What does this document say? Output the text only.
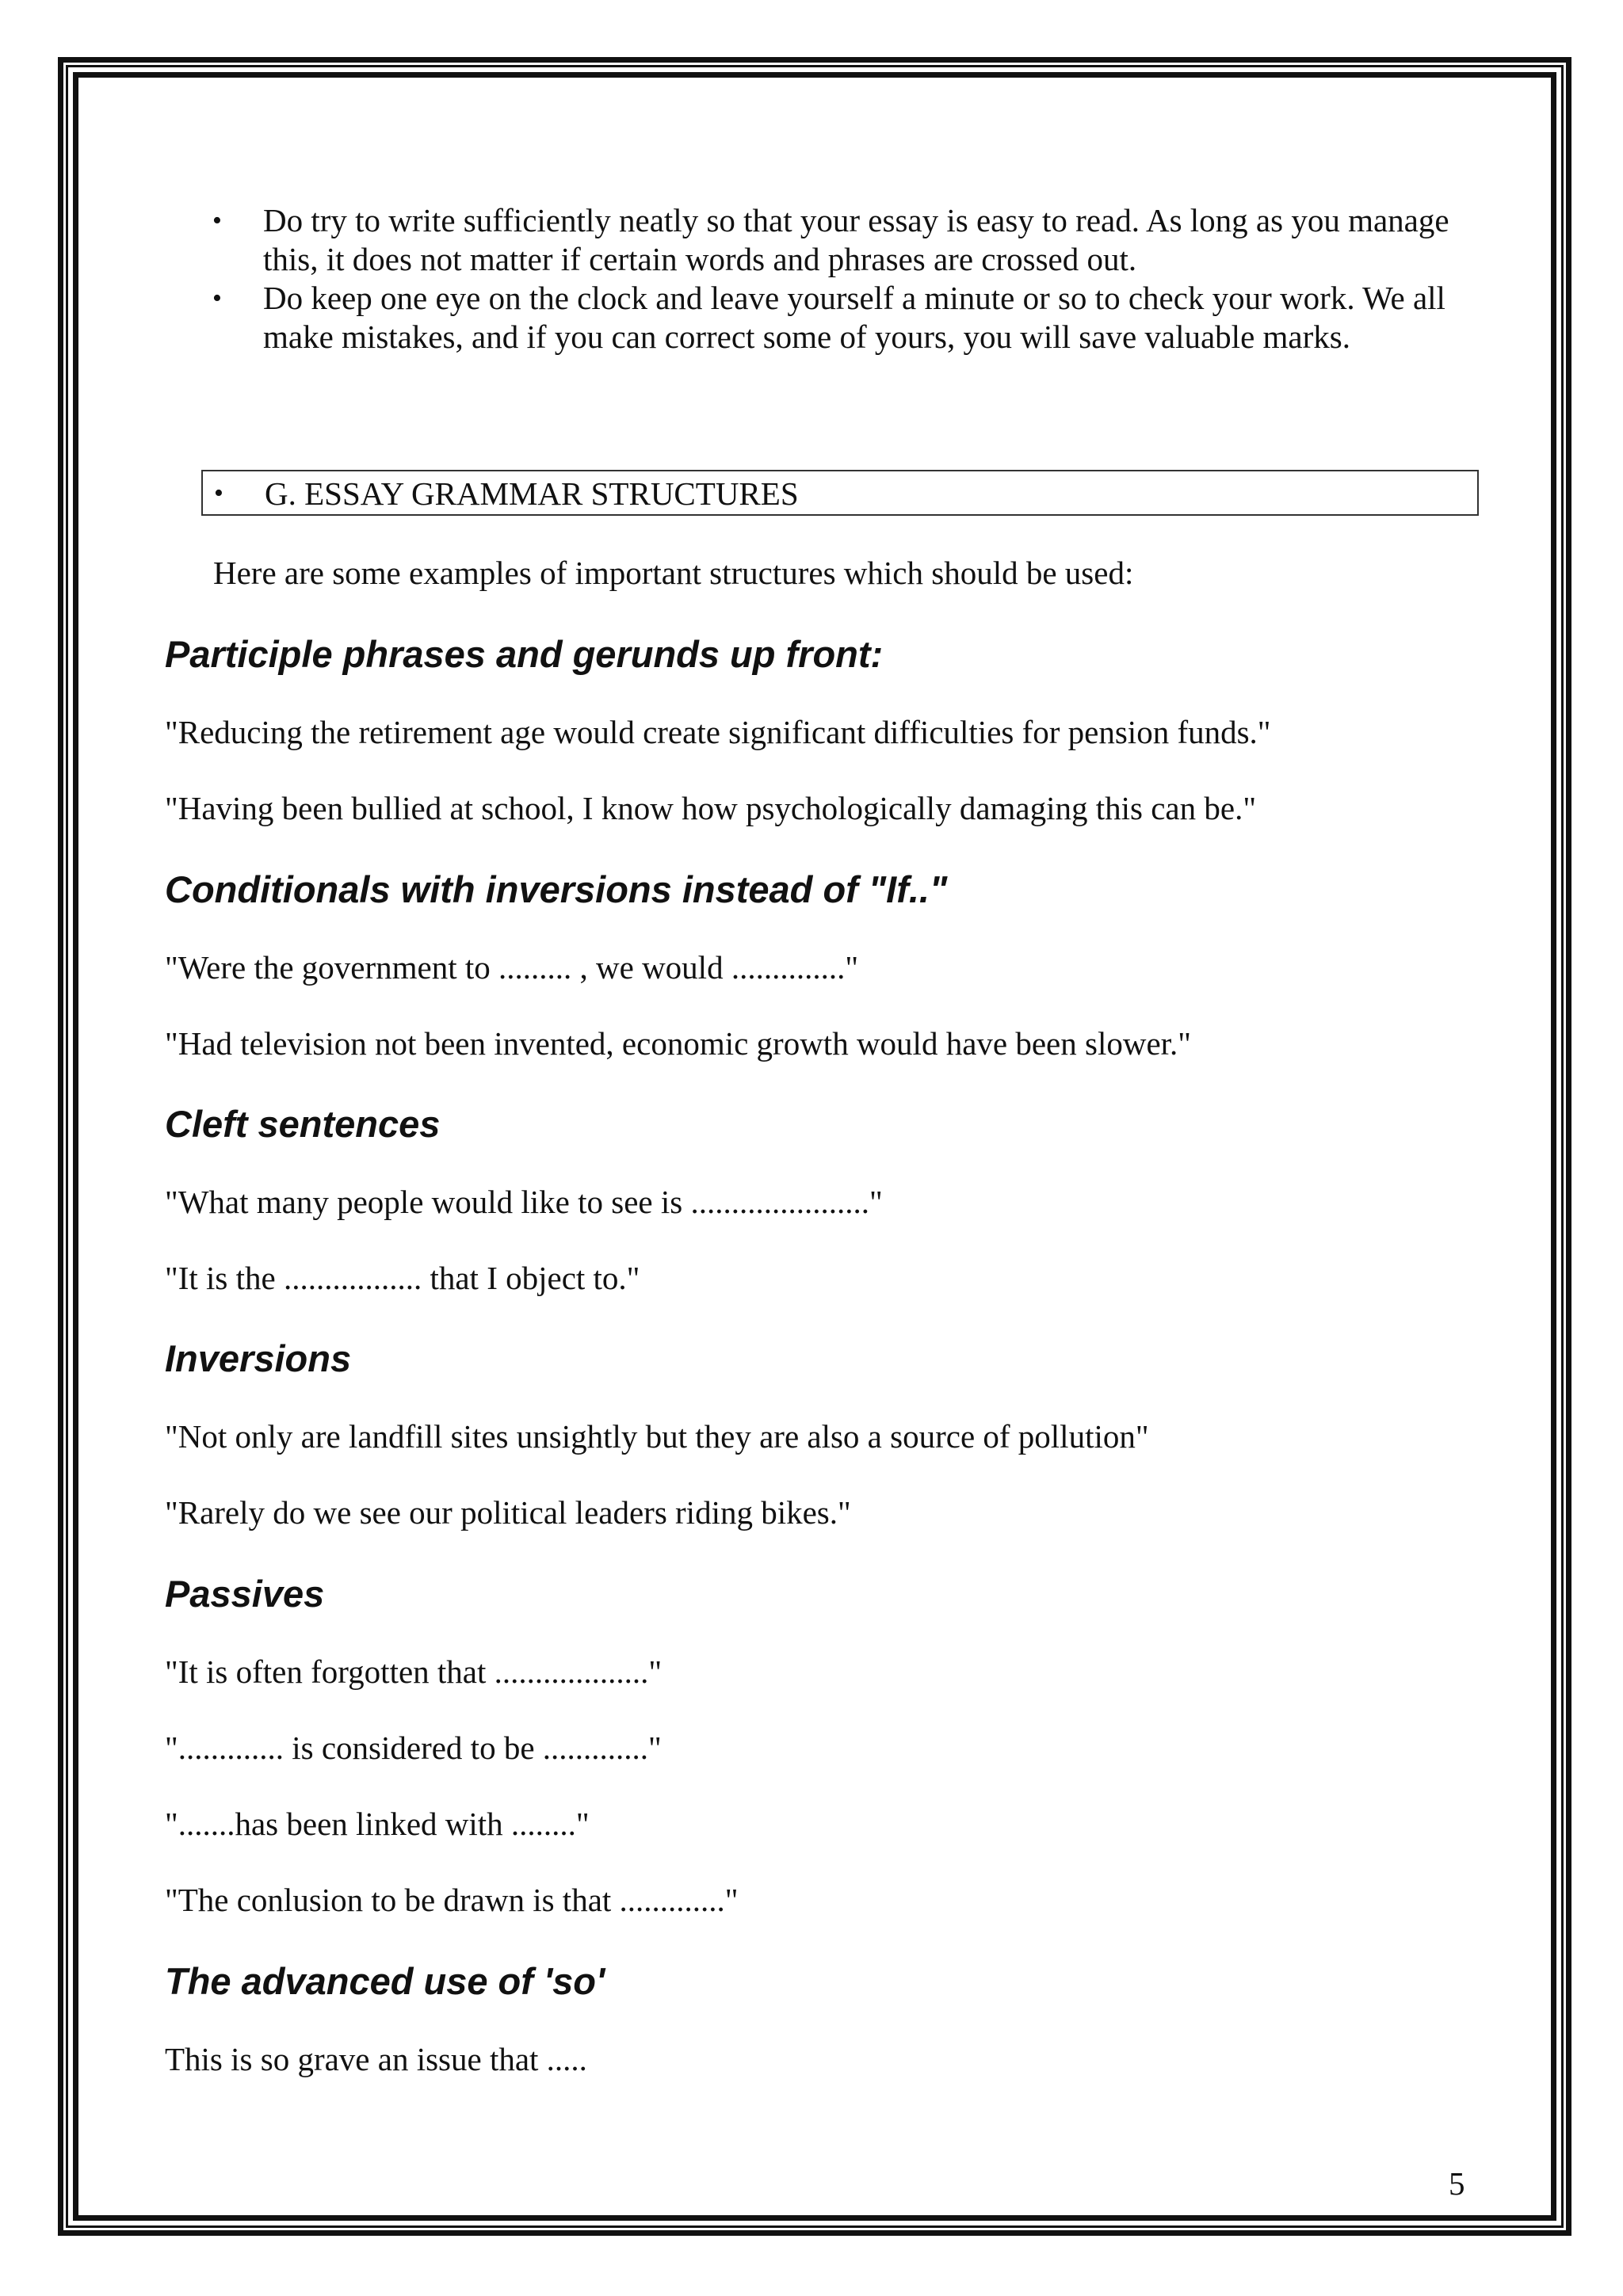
• Do try to write sufficiently neatly so that your essay is easy to read. As long as you manage this, it does not matter if certain words and phrases are crossed out.
• Do keep one eye on the clock and leave yourself a minute or so to check your work. We all make mistakes, and if you can correct some of yours, you will save valuable marks.
• G. ESSAY GRAMMAR STRUCTURES
Here are some examples of important structures which should be used:
Participle phrases and gerunds up front:
"Reducing the retirement age would create significant difficulties for pension funds."
"Having been bullied at school, I know how psychologically damaging this can be."
Conditionals with inversions instead of "If.."
"Were the government to ......... , we would .............."
"Had television not been invented, economic growth would have been slower."
Cleft sentences
"What many people would like to see is ......................"
"It is the ................. that I object to."
Inversions
"Not only are landfill sites unsightly but they are also a source of pollution"
"Rarely do we see our political leaders riding bikes."
Passives
"It is often forgotten that ..................."
"............. is considered to be ............."
".......has been linked with ........"
"The conlusion to be drawn is that ............."
The advanced use of 'so'
This is so grave an issue that .....
5
